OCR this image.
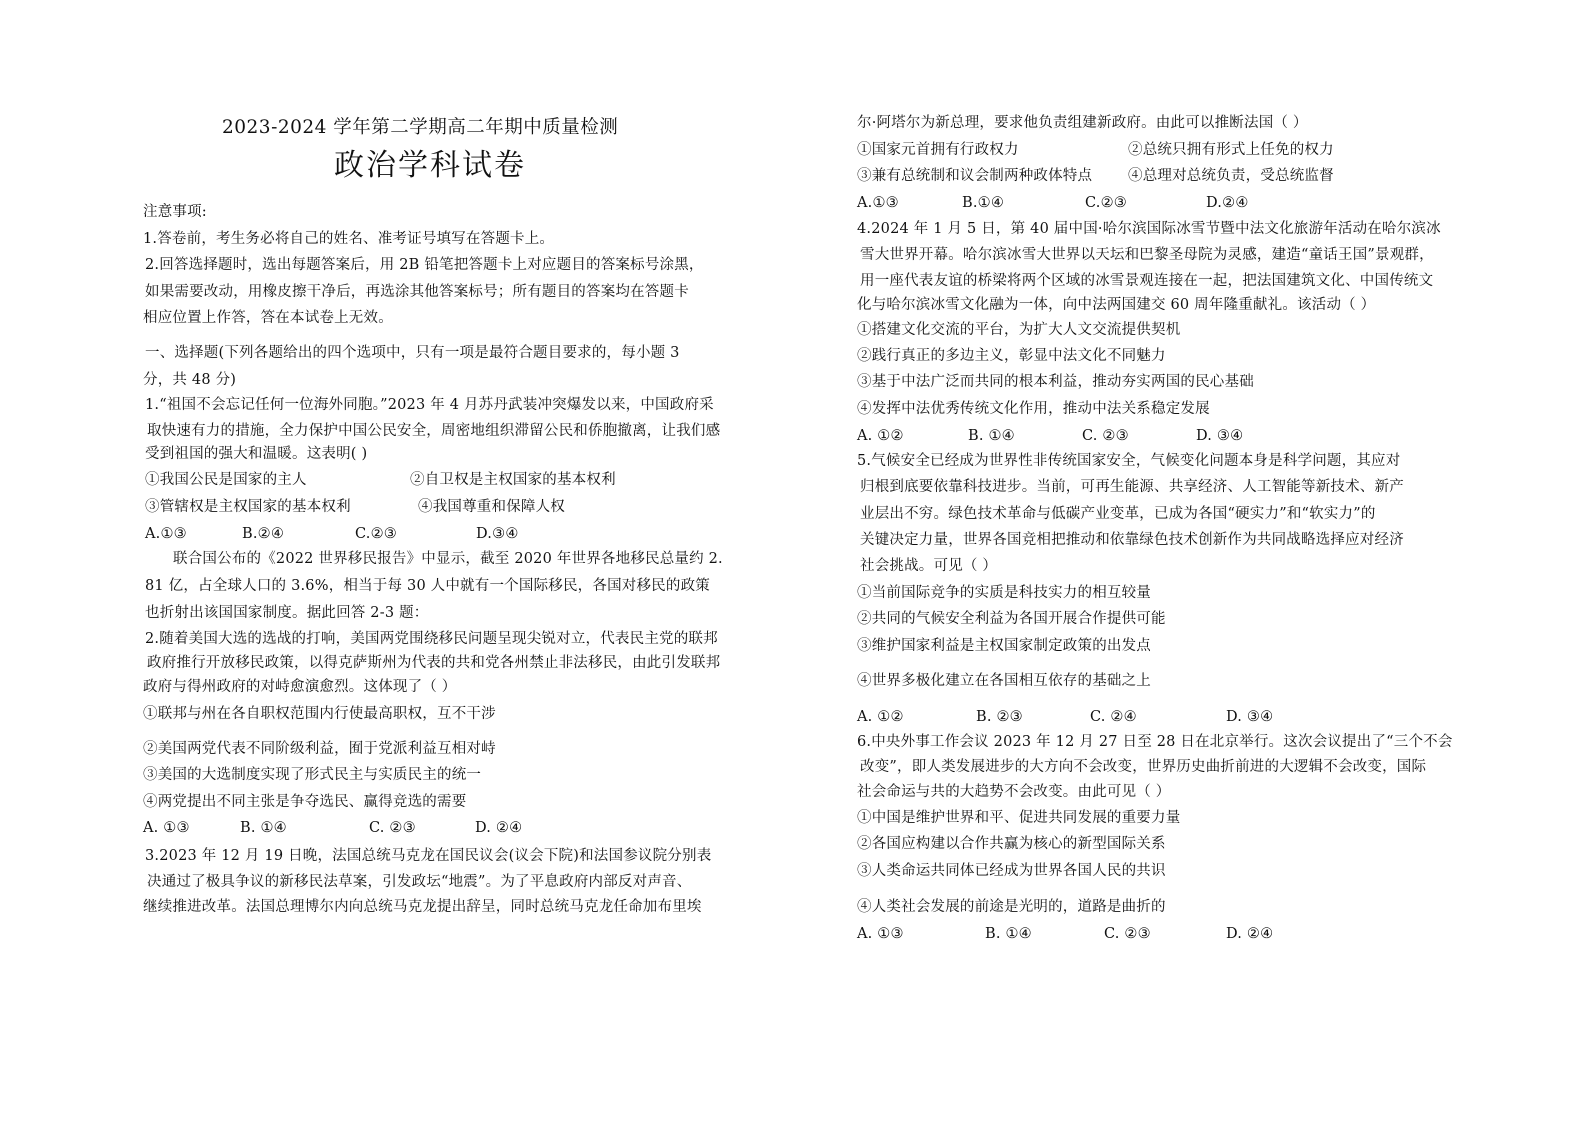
2023-2024 学年第二学期高二年期中质量检测
政治学科试卷
注意事项:
1.答卷前，考生务必将自己的姓名、准考证号填写在答题卡上。
2.回答选择题时，选出每题答案后，用 2B 铅笔把答题卡上对应题目的答案标号涂黑，
如果需要改动，用橡皮擦干净后，再选涂其他答案标号；所有题目的答案均在答题卡
相应位置上作答，答在本试卷上无效。
一、选择题(下列各题给出的四个选项中，只有一项是最符合题目要求的，每小题 3
分，共 48 分)
1.“祖国不会忘记任何一位海外同胞。”2023 年 4 月苏丹武装冲突爆发以来，中国政府采
取快速有力的措施，全力保护中国公民安全，周密地组织滞留公民和侨胞撤离，让我们感
受到祖国的强大和温暖。这表明( )
①我国公民是国家的主人	②自卫权是主权国家的基本权利
③管辖权是主权国家的基本权利	④我国尊重和保障人权
A.①③	B.②④	C.②③	D.③④
联合国公布的《2022 世界移民报告》中显示，截至 2020 年世界各地移民总量约 2.
81 亿，占全球人口的 3.6%，相当于每 30 人中就有一个国际移民，各国对移民的政策
也折射出该国国家制度。据此回答 2-3 题：
2.随着美国大选的选战的打响，美国两党围绕移民问题呈现尖锐对立，代表民主党的联邦
政府推行开放移民政策，以得克萨斯州为代表的共和党各州禁止非法移民，由此引发联邦
政府与得州政府的对峙愈演愈烈。这体现了（ ）
①联邦与州在各自职权范围内行使最高职权，互不干涉
②美国两党代表不同阶级利益，囿于党派利益互相对峙
③美国的大选制度实现了形式民主与实质民主的统一
④两党提出不同主张是争夺选民、赢得竞选的需要
A. ①③	B. ①④	C. ②③	D. ②④
3.2023 年 12 月 19 日晚，法国总统马克龙在国民议会(议会下院)和法国参议院分别表
决通过了极具争议的新移民法草案，引发政坛“地震”。为了平息政府内部反对声音、
继续推进改革。法国总理博尔内向总统马克龙提出辞呈，同时总统马克龙任命加布里埃
尔·阿塔尔为新总理，要求他负责组建新政府。由此可以推断法国（ ）
①国家元首拥有行政权力	②总统只拥有形式上任免的权力
③兼有总统制和议会制两种政体特点 ④总理对总统负责，受总统监督
A.①③	B.①④	C.②③	D.②④
4.2024 年 1 月 5 日，第 40 届中国·哈尔滨国际冰雪节暨中法文化旅游年活动在哈尔滨冰
雪大世界开幕。哈尔滨冰雪大世界以天坛和巴黎圣母院为灵感，建造“童话王国”景观群，
用一座代表友谊的桥梁将两个区域的冰雪景观连接在一起，把法国建筑文化、中国传统文
化与哈尔滨冰雪文化融为一体，向中法两国建交 60 周年隆重献礼。该活动（ ）
①搭建文化交流的平台，为扩大人文交流提供契机
②践行真正的多边主义，彰显中法文化不同魅力
③基于中法广泛而共同的根本利益，推动夯实两国的民心基础
④发挥中法优秀传统文化作用，推动中法关系稳定发展
A. ①②	B. ①④	C. ②③	D. ③④
5.气候安全已经成为世界性非传统国家安全，气候变化问题本身是科学问题，其应对
归根到底要依靠科技进步。当前，可再生能源、共享经济、人工智能等新技术、新产
业层出不穷。绿色技术革命与低碳产业变革，已成为各国“硬实力”和“软实力”的
关键决定力量，世界各国竞相把推动和依靠绿色技术创新作为共同战略选择应对经济
社会挑战。可见（ ）
①当前国际竞争的实质是科技实力的相互较量
②共同的气候安全利益为各国开展合作提供可能
③维护国家利益是主权国家制定政策的出发点
④世界多极化建立在各国相互依存的基础之上
A. ①②	B. ②③	C. ②④	D. ③④
6.中央外事工作会议 2023 年 12 月 27 日至 28 日在北京举行。这次会议提出了“三个不会
改变”，即人类发展进步的大方向不会改变，世界历史曲折前进的大逻辑不会改变，国际
社会命运与共的大趋势不会改变。由此可见（ ）
①中国是维护世界和平、促进共同发展的重要力量
②各国应构建以合作共赢为核心的新型国际关系
③人类命运共同体已经成为世界各国人民的共识
④人类社会发展的前途是光明的，道路是曲折的
A. ①③	B. ①④	C. ②③	D. ②④
